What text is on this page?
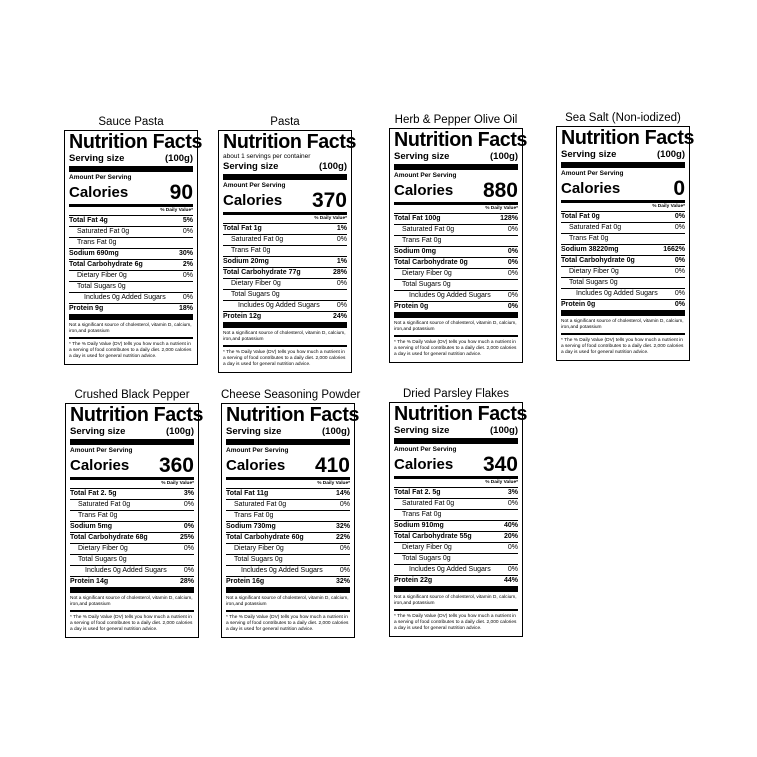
Sauce Pasta
Nutrition Facts
Serving size	(100g)
Amount Per Serving
Calories 90
% Daily Value*
Total Fat 4g	5%
Saturated Fat 0g	0%
Trans Fat 0g
Sodium 690mg	30%
Total Carbohydrate 6g	2%
Dietary Fiber 0g	0%
Total Sugars 0g
Includes 0g Added Sugars 0%
Protein 9g	18%
Not a significant source of cholesterol, vitamin D, calcium, iron,and potassium
* The % Daily Value (DV) tells you how much a nutrient in a serving of food contributes to a daily diet. 2,000 calories a day is used for general nutrition advice.
Pasta
Nutrition Facts
about 1 servings per container
Serving size	(100g)
Amount Per Serving
Calories 370
% Daily Value*
Total Fat 1g	1%
Saturated Fat 0g	0%
Trans Fat 0g
Sodium 20mg	1%
Total Carbohydrate 77g	28%
Dietary Fiber 0g	0%
Total Sugars 0g
Includes 0g Added Sugars 0%
Protein 12g	24%
Not a significant source of cholesterol, vitamin D, calcium, iron,and potassium
* The % Daily Value (DV) tells you how much a nutrient in a serving of food contributes to a daily diet. 2,000 calories a day is used for general nutrition advice.
Herb & Pepper Olive Oil
Nutrition Facts
Serving size	(100g)
Amount Per Serving
Calories 880
% Daily Value*
Total Fat 100g	128%
Saturated Fat 0g	0%
Trans Fat 0g
Sodium 0mg	0%
Total Carbohydrate 0g	0%
Dietary Fiber 0g	0%
Total Sugars 0g
Includes 0g Added Sugars 0%
Protein 0g	0%
Not a significant source of cholesterol, vitamin D, calcium, iron,and potassium
* The % Daily Value (DV) tells you how much a nutrient in a serving of food contributes to a daily diet. 2,000 calories a day is used for general nutrition advice.
Sea Salt (Non-iodized)
Nutrition Facts
Serving size	(100g)
Amount Per Serving
Calories	0
% Daily Value*
Total Fat 0g	0%
Saturated Fat 0g	0%
Trans Fat 0g
Sodium 38220mg	1662%
Total Carbohydrate 0g	0%
Dietary Fiber 0g	0%
Total Sugars 0g
Includes 0g Added Sugars 0%
Protein 0g	0%
Not a significant source of cholesterol, vitamin D, calcium, iron,and potassium
* The % Daily Value (DV) tells you how much a nutrient in a serving of food contributes to a daily diet. 2,000 calories a day is used for general nutrition advice.
Crushed Black Pepper
Nutrition Facts
Serving size	(100g)
Amount Per Serving
Calories 360
% Daily Value*
Total Fat 2. 5g	3%
Saturated Fat 0g	0%
Trans Fat 0g
Sodium 5mg	0%
Total Carbohydrate 68g	25%
Dietary Fiber 0g	0%
Total Sugars 0g
Includes 0g Added Sugars 0%
Protein 14g	28%
Not a significant source of cholesterol, vitamin D, calcium, iron,and potassium
* The % Daily Value (DV) tells you how much a nutrient in a serving of food contributes to a daily diet. 2,000 calories a day is used for general nutrition advice.
Cheese Seasoning Powder
Nutrition Facts
Serving size	(100g)
Amount Per Serving
Calories 410
% Daily Value*
Total Fat 11g	14%
Saturated Fat 0g	0%
Trans Fat 0g
Sodium 730mg	32%
Total Carbohydrate 60g	22%
Dietary Fiber 0g	0%
Total Sugars 0g
Includes 0g Added Sugars 0%
Protein 16g	32%
Not a significant source of cholesterol, vitamin D, calcium, iron,and potassium
* The % Daily Value (DV) tells you how much a nutrient in a serving of food contributes to a daily diet. 2,000 calories a day is used for general nutrition advice.
Dried Parsley Flakes
Nutrition Facts
Serving size	(100g)
Amount Per Serving
Calories 340
% Daily Value*
Total Fat 2. 5g	3%
Saturated Fat 0g	0%
Trans Fat 0g
Sodium 910mg	40%
Total Carbohydrate 55g	20%
Dietary Fiber 0g	0%
Total Sugars 0g
Includes 0g Added Sugars 0%
Protein 22g	44%
Not a significant source of cholesterol, vitamin D, calcium, iron,and potassium
* The % Daily Value (DV) tells you how much a nutrient in a serving of food contributes to a daily diet. 2,000 calories a day is used for general nutrition advice.
